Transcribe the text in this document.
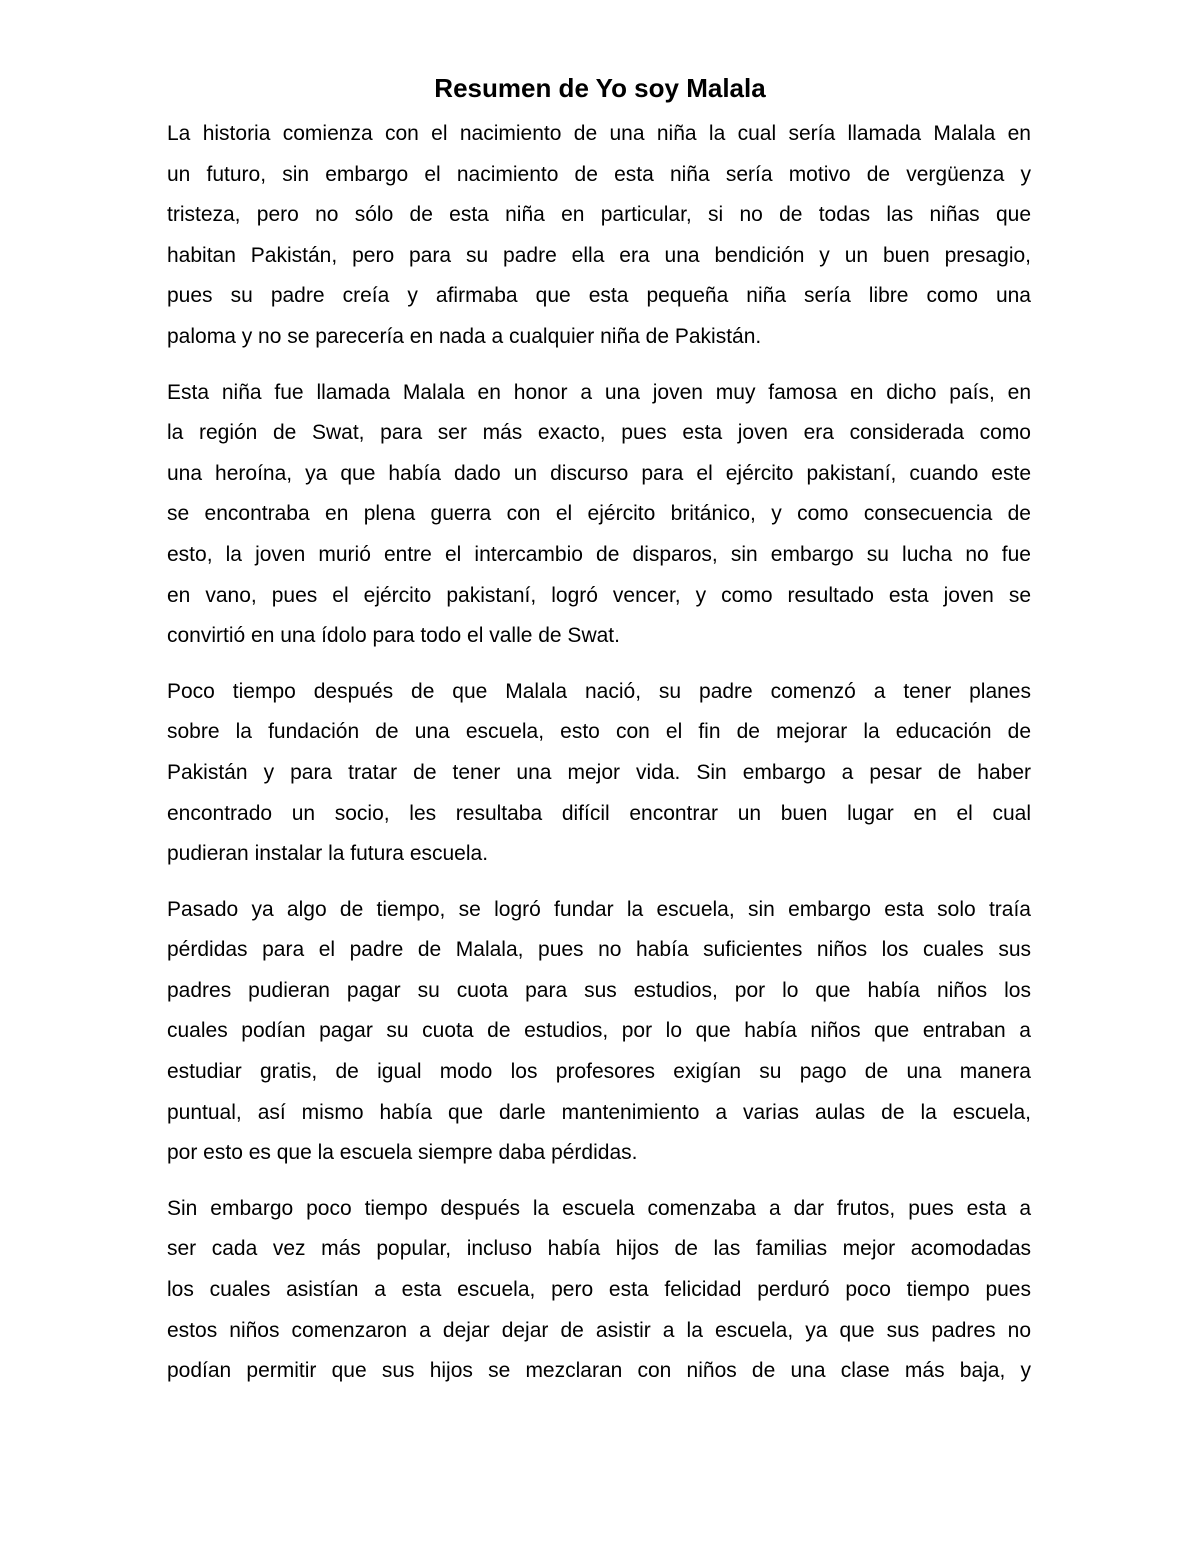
Resumen de Yo soy Malala

La historia comienza con el nacimiento de una niña la cual sería llamada Malala en
un futuro, sin embargo el nacimiento de esta niña sería motivo de vergüenza y
tristeza, pero no sólo de esta niña en particular, si no de todas las niñas que
habitan Pakistán, pero para su padre ella era una bendición y un buen presagio,
pues su padre creía y afirmaba que esta pequeña niña sería libre como una
paloma y no se parecería en nada a cualquier niña de Pakistán.

Esta niña fue llamada Malala en honor a una joven muy famosa en dicho país, en
la región de Swat, para ser más exacto, pues esta joven era considerada como
una heroína, ya que había dado un discurso para el ejército pakistaní, cuando este
se encontraba en plena guerra con el ejército británico, y como consecuencia de
esto, la joven murió entre el intercambio de disparos, sin embargo su lucha no fue
en vano, pues el ejército pakistaní, logró vencer, y como resultado esta joven se
convirtió en una ídolo para todo el valle de Swat.

Poco tiempo después de que Malala nació, su padre comenzó a tener planes
sobre la fundación de una escuela, esto con el fin de mejorar la educación de
Pakistán y para tratar de tener una mejor vida. Sin embargo a pesar de haber
encontrado un socio, les resultaba difícil encontrar un buen lugar en el cual
pudieran instalar la futura escuela.

Pasado ya algo de tiempo, se logró fundar la escuela, sin embargo esta solo traía
pérdidas para el padre de Malala, pues no había suficientes niños los cuales sus
padres pudieran pagar su cuota para sus estudios, por lo que había niños los
cuales podían pagar su cuota de estudios, por lo que había niños que entraban a
estudiar gratis, de igual modo los profesores exigían su pago de una manera
puntual, así mismo había que darle mantenimiento a varias aulas de la escuela,
por esto es que la escuela siempre daba pérdidas.

Sin embargo poco tiempo después la escuela comenzaba a dar frutos, pues esta a
ser cada vez más popular, incluso había hijos de las familias mejor acomodadas
los cuales asistían a esta escuela, pero esta felicidad perduró poco tiempo pues
estos niños comenzaron a dejar dejar de asistir a la escuela, ya que sus padres no
podían permitir que sus hijos se mezclaran con niños de una clase más baja, y
